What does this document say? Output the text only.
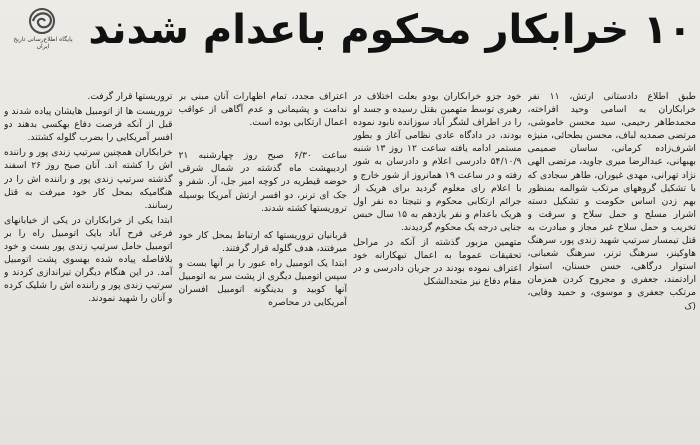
پایگاه اطلاع‌رسانی تاریخ ایران ۱۰ خرابکار محکوم باعدام شدند

طبق اطلاع دادستانی ارتش، ۱۱ نفر خرابکاران به اسامی وحید افراخته، محمدطاهر رحیمی، سید محسن خاموشی، مرتضی صمدیه لباف، محسن بطحائی، منیژه اشرف‌زاده کرمانی، ساسان صمیمی بهبهانی، عبدالرضا میری جاوید، مرتضی الهی نژاد تهرانی، مهدی غیوران، طاهر سجادی که با تشکیل گروههای مرتکب شوالمه بمنظور بهم زدن اساس حکومت و تشکیل دسته اشرار مسلح و حمل سلاح و سرقت و تخریب و حمل سلاح غیر مجاز و مبادرت به قتل تیمسار سرتیپ شهید زندی پور، سرهنگ هاوکینز، سرهنگ ترنر، سرهنگ شعبانی، استوار درگاهی، حسن حسنان، استوار ارادتمند، جعفری و مجروح کردن همزمان مرتکب جعفری و موسوی، و حمید وفایی، (ک

خود جزو خرابکاران بودو بعلت اختلاف در رهبری توسط متهمین بقتل رسیده و جسد او را در اطراف لشگر آباد سوزانده نابود نموده بودند، در دادگاه عادی نظامی آغاز و بطور مستمر ادامه یافته ساعت ۱۲ روز ۱۳ شنبه ۵۴/۱۰/۹ دادرسی اعلام و دادرسان به شور رفته و در ساعت ۱۹ همانروز از شور خارج و با اعلام رای معلوم گردید برای هریک از جرائم ارتکابی محکوم و نتیجتا ده نفر اول هریک باعدام و نفر یازدهم به ۱۵ سال حبس جنایی درجه یک محکوم گردیدند.

متهمین مزبور گذشته از آنکه در مراحل تحقیقات عموما به اعمال تبهکارانه خود اعتراف نموده بودند در جریان دادرسی و در مقام دفاع نیز متحدالشکل

اعتراف مجدد، تمام اظهارات آنان مبنی بر ندامت و پشیمانی و عدم آگاهی از عواقب اعمال ارتکابی بوده است.

ساعت ۶/۳۰ صبح روز چهارشنبه ۲۱ اردیبهشت ماه گذشته در شمال شرقی حوضه قیطریه در کوچه امیر جل، آر. شفر و جک ای ترنر، دو افسر ارتش آمریکا بوسیله تروریستها کشته شدند.

قربانیان تروریستها که ارتباط بمحل کار خود میرفتند، هدف گلوله قرار گرفتند.

ابتدا یک اتومبیل راه عبور را بر آنها بست و سپس اتومبیل دیگری از پشت سر به اتومبیل آنها کوبید و بدینگونه اتومبیل افسران آمریکایی در محاصره

تروریستها قرار گرفت.

تروریست ها از اتومبیل هایشان پیاده شدند و قبل از آنکه فرصت دفاع بهکسی بدهند دو افسر آمریکایی را بضرب گلوله کشتند.

خرابکاران همچنین سرتیپ زندی پور و راننده اش را کشته اند. آنان صبح روز ۲۶ اسفند گذشته سرتیپ زندی پور و راننده اش را در هنگامیکه بمحل کار خود میرفت به قتل رسانند.

ابتدا یکی از خرابکاران در یکی از خیابانهای فرعی فرح آباد بایک اتومبیل راه را بر اتومبیل حامل سرتیپ زندی پور بست و خود بلافاصله پیاده شده بهسوی پشت اتومبیل آمد. در این هنگام دیگران تیراندازی کردند و سرتیپ زندی پور و راننده اش را شلیک کرده و آنان را شهید نمودند.
